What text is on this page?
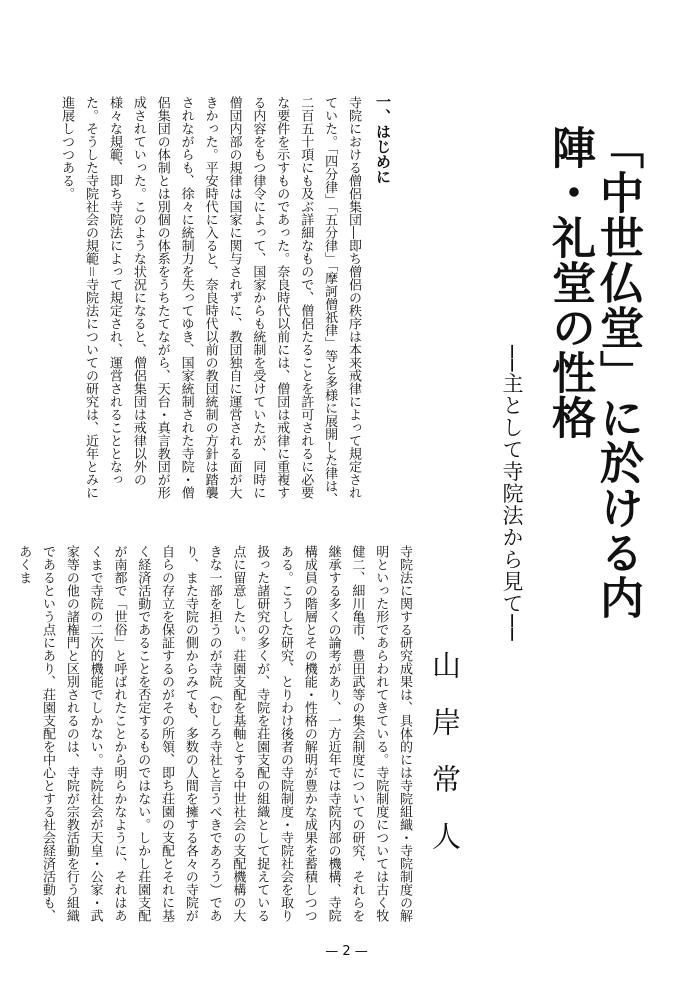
「中世仏堂」に於ける内陣・礼堂の性格
──主として寺院法から見て──
山岸常人
一、はじめに

寺院における僧侶集団―即ち僧侶の秩序は本来戒律によって規定されていた。「四分律」「五分律」「摩訶僧祇律」等と多様に展開した律は、二百五十項にも及ぶ詳細なもので、僧侶たることを許可されるに必要な要件を示すものであった。奈良時代以前には、僧団は戒律に重複する内容をもつ律令によって、国家からも統制を受けていたが、同時に僧団内部の規律は国家に関与されずに、教団独自に運営される面が大きかった。平安時代に入ると、奈良時代以前の教団統制の方針は踏襲されながらも、徐々に統制力を失ってゆき、国家統制された寺院・僧侶集団の体制とは別個の体系をうちたてながら、天台・真言教団が形成されていった。このような状況になると、僧侶集団は戒律以外の様々な規範、即ち寺院法によって規定され、運営されることとなった。そうした寺院社会の規範＝寺院法についての研究は、近年とみに進展しつつある。

寺院法に関する研究成果は、具体的には寺院組織・寺院制度の解明といった形であらわれてきている。寺院制度については古く牧健二、細川亀市、豊田武等の集会制度についての研究、それらを継承する多くの論考があり、一方近年では寺院内部の機構、寺院構成員の階層とその機能・性格の解明が豊かな成果を蓄積しつつある。こうした研究、とりわけ後者の寺院制度・寺院社会を取り扱った諸研究の多くが、寺院を荘園支配の組織として捉えている点に留意したい。荘園支配を基軸とする中世社会の支配機構の大きな一部を担うのが寺院（むしろ寺社と言うべきであろう）であり、また寺院の側からみても、多数の人間を擁する各々の寺院が自らの存立を保証するのがその所領、即ち荘園の支配とそれに基く経済活動であることを否定するものではない。しかし荘園支配が南都で「世俗」と呼ばれたことから明らかなように、それはあくまで寺院の二次的機能でしかない。寺院社会が天皇・公家・武家等の他の諸権門と区別されるのは、寺院が宗教活動を行う組織であるという点にあり、荘園支配を中心とする社会経済活動も、あくま

— 2 —
